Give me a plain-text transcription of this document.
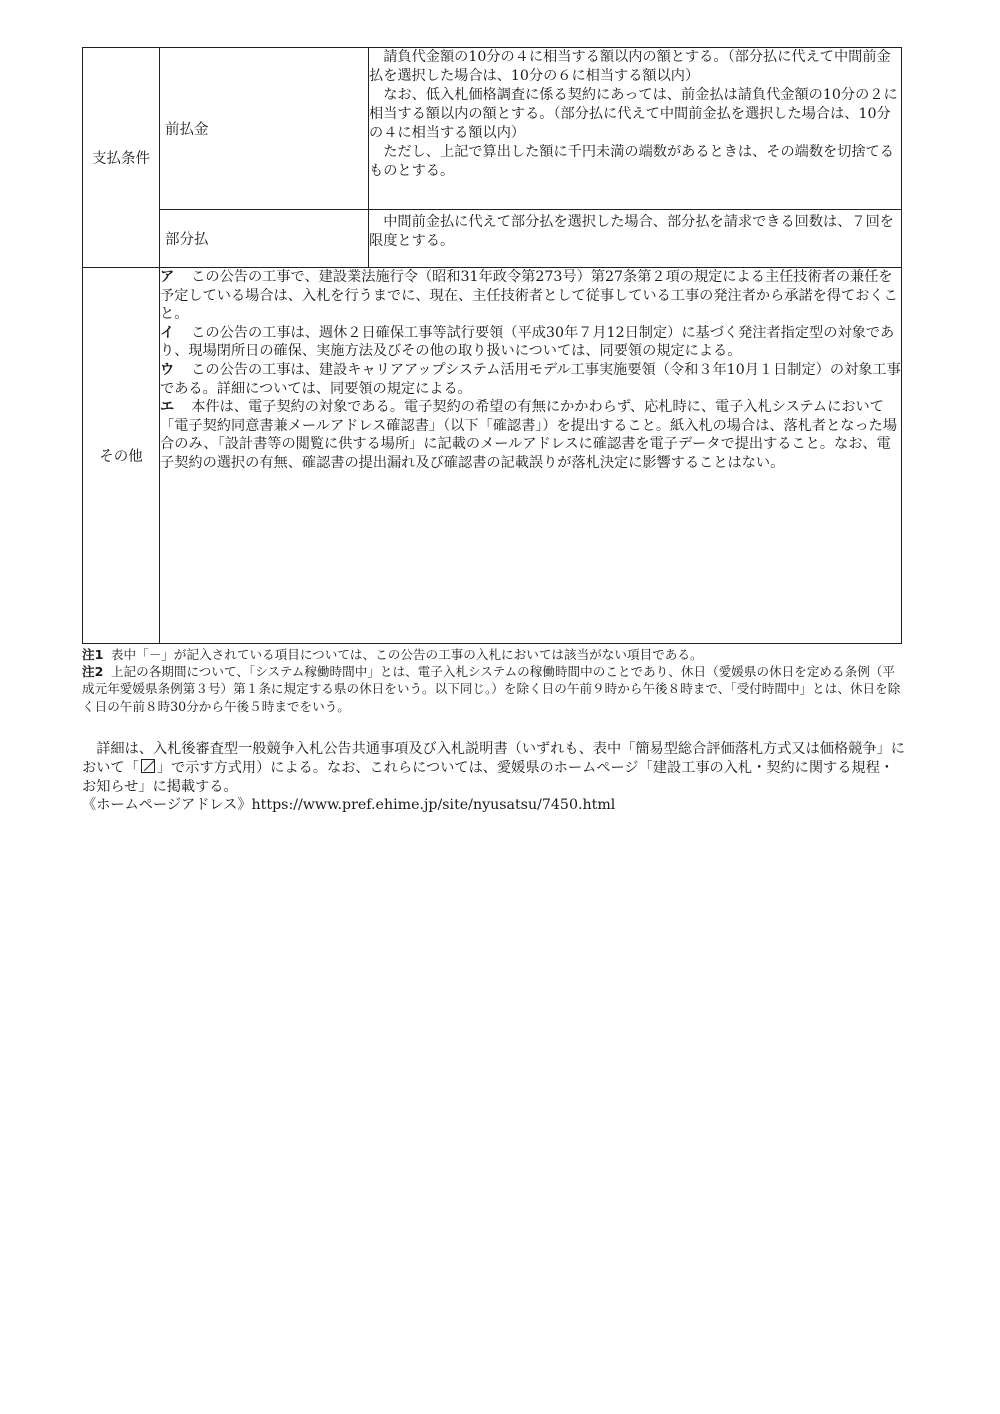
支払条件	前払金	請負代金額の10分の４に相当する額以内の額とする。（部分払に代えて中間前金払を選択した場合は、10分の６に相当する額以内）

なお、低入札価格調査に係る契約にあっては、前金払は請負代金額の10分の２に相当する額以内の額とする。（部分払に代えて中間前金払を選択した場合は、10分の４に相当する額以内）

ただし、上記で算出した額に千円未満の端数があるときは、その端数を切捨てるものとする。

	部分払	中間前金払に代えて部分払を選択した場合、部分払を請求できる回数は、７回を限度とする。

その他	ア この公告の工事で、建設業法施行令（昭和31年政令第273号）第27条第２項の規定による主任技術者の兼任を予定している場合は、入札を行うまでに、現在、主任技術者として従事している工事の発注者から承諾を得ておくこと。

イ この公告の工事は、週休２日確保工事等試行要領（平成30年７月12日制定）に基づく発注者指定型の対象であり、現場閉所日の確保、実施方法及びその他の取り扱いについては、同要領の規定による。

ウ この公告の工事は、建設キャリアアップシステム活用モデル工事実施要領（令和３年10月１日制定）の対象工事である。詳細については、同要領の規定による。

エ 本件は、電子契約の対象である。電子契約の希望の有無にかかわらず、応札時に、電子入札システムにおいて「電子契約同意書兼メールアドレス確認書」（以下「確認書」）を提出すること。紙入札の場合は、落札者となった場合のみ、「設計書等の閲覧に供する場所」に記載のメールアドレスに確認書を電子データで提出すること。なお、電子契約の選択の有無、確認書の提出漏れ及び確認書の記載誤りが落札決定に影響することはない。	

注1 表中「－」が記入されている項目については、この公告の工事の入札においては該当がない項目である。

注2 上記の各期間について、「システム稼働時間中」とは、電子入札システムの稼働時間中のことであり、休日（愛媛県の休日を定める条例（平成元年愛媛県条例第３号）第１条に規定する県の休日をいう。以下同じ。）を除く日の午前９時から午後８時まで、「受付時間中」とは、休日を除く日の午前８時30分から午後５時までをいう。

詳細は、入札後審査型一般競争入札公告共通事項及び入札説明書（いずれも、表中「簡易型総合評価落札方式又は価格競争」において「 」で示す方式用）による。なお、これらについては、愛媛県のホームページ「建設工事の入札・契約に関する規程・お知らせ」に掲載する。

《ホームページアドレス》https://www.pref.ehime.jp/site/nyusatsu/7450.html
